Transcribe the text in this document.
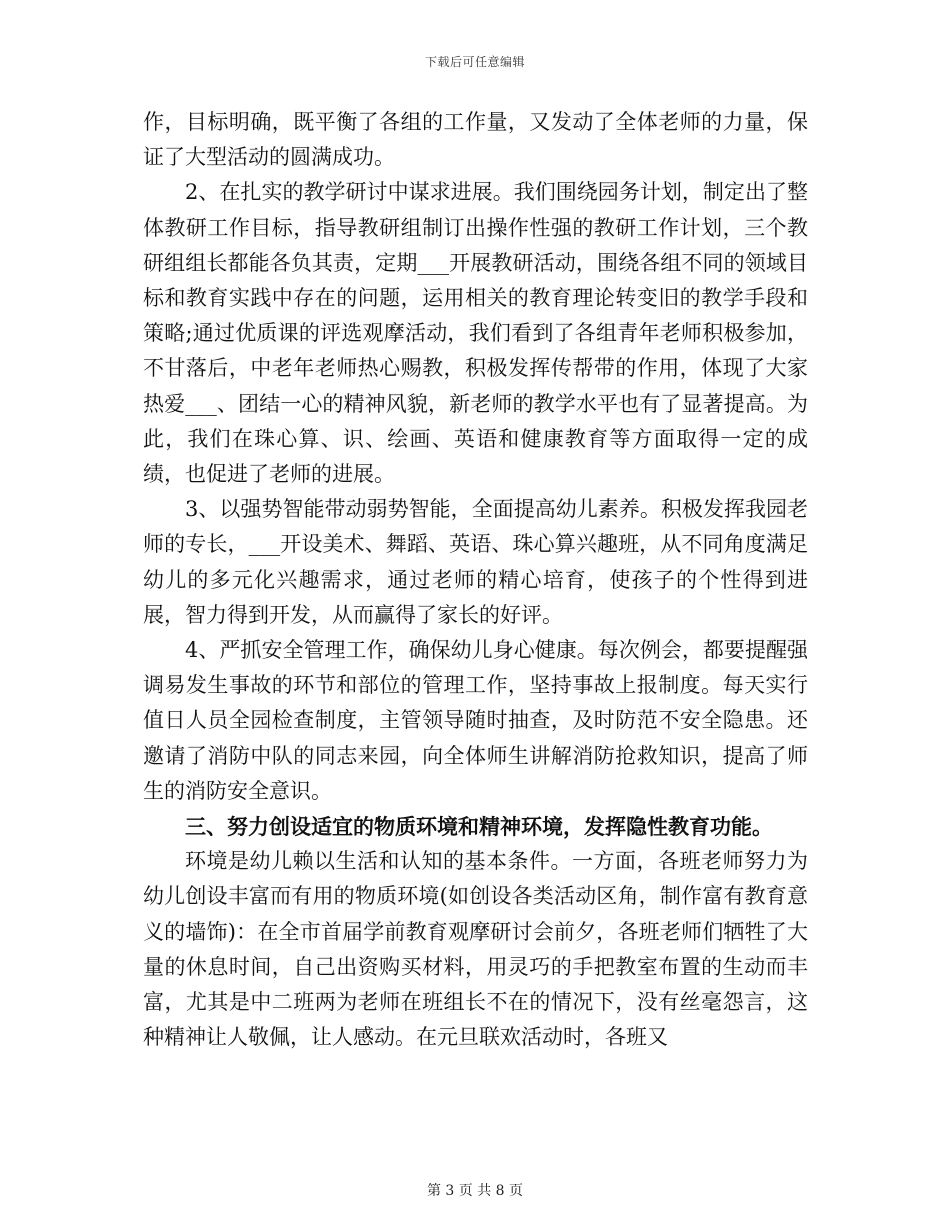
下载后可任意编辑

作，目标明确，既平衡了各组的工作量，又发动了全体老师的力量，保证了大型活动的圆满成功。

2、在扎实的教学研讨中谋求进展。我们围绕园务计划，制定出了整体教研工作目标，指导教研组制订出操作性强的教研工作计划，三个教研组组长都能各负其责，定期___开展教研活动，围绕各组不同的领域目标和教育实践中存在的问题，运用相关的教育理论转变旧的教学手段和策略;通过优质课的评选观摩活动，我们看到了各组青年老师积极参加，不甘落后，中老年老师热心赐教，积极发挥传帮带的作用，体现了大家热爱___、团结一心的精神风貌，新老师的教学水平也有了显著提高。为此，我们在珠心算、识、绘画、英语和健康教育等方面取得一定的成绩，也促进了老师的进展。

3、以强势智能带动弱势智能，全面提高幼儿素养。积极发挥我园老师的专长，___开设美术、舞蹈、英语、珠心算兴趣班，从不同角度满足幼儿的多元化兴趣需求，通过老师的精心培育，使孩子的个性得到进展，智力得到开发，从而赢得了家长的好评。

4、严抓安全管理工作，确保幼儿身心健康。每次例会，都要提醒强调易发生事故的环节和部位的管理工作，坚持事故上报制度。每天实行值日人员全园检查制度，主管领导随时抽查，及时防范不安全隐患。还邀请了消防中队的同志来园，向全体师生讲解消防抢救知识，提高了师生的消防安全意识。

三、努力创设适宜的物质环境和精神环境，发挥隐性教育功能。

环境是幼儿赖以生活和认知的基本条件。一方面，各班老师努力为幼儿创设丰富而有用的物质环境(如创设各类活动区角，制作富有教育意义的墙饰)：在全市首届学前教育观摩研讨会前夕，各班老师们牺牲了大量的休息时间，自己出资购买材料，用灵巧的手把教室布置的生动而丰富，尤其是中二班两为老师在班组长不在的情况下，没有丝毫怨言，这种精神让人敬佩，让人感动。在元旦联欢活动时，各班又

第 3 页 共 8 页
